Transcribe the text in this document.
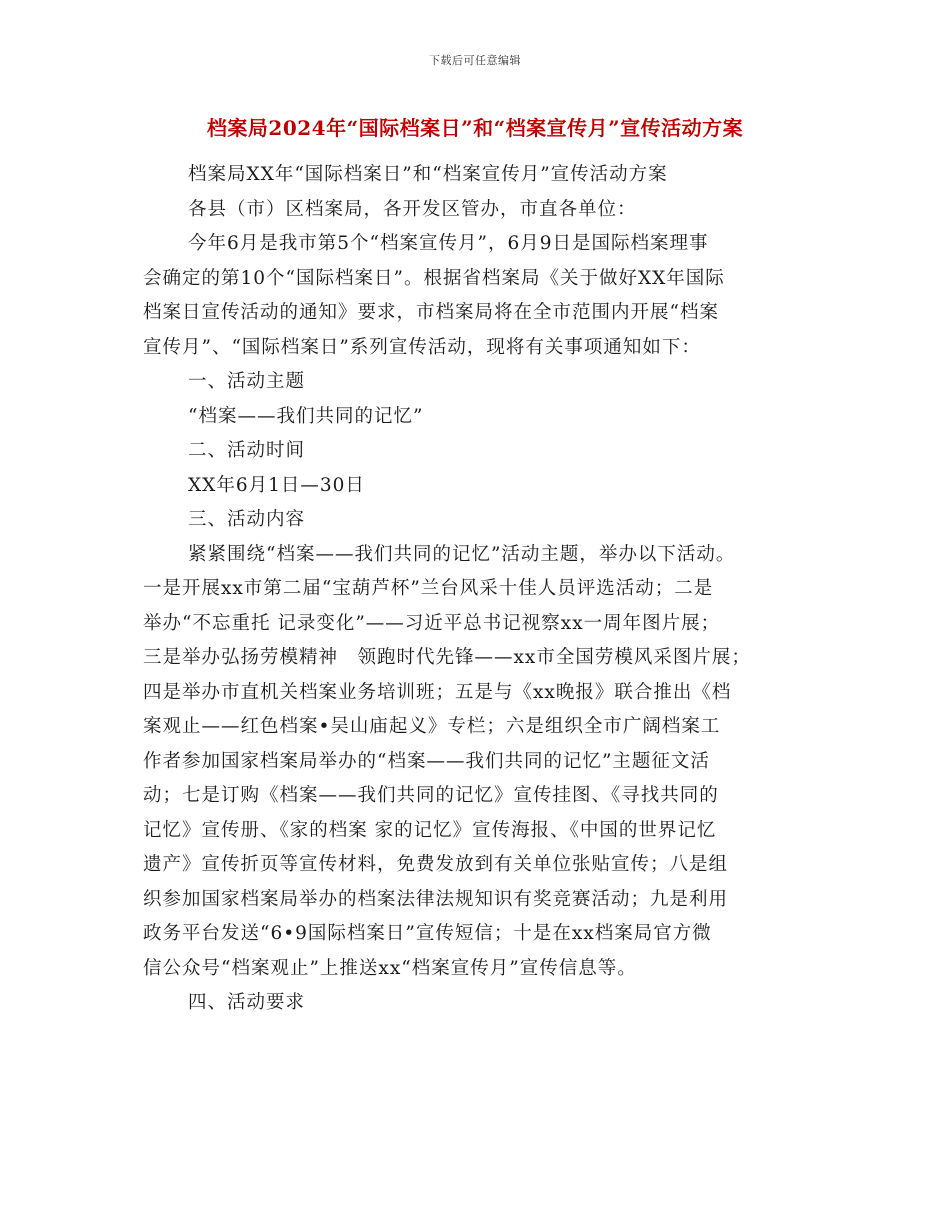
下载后可任意编辑
档案局2024年“国际档案日”和“档案宣传月”宣传活动方案

档案局XX年“国际档案日”和“档案宣传月”宣传活动方案

各县（市）区档案局，各开发区管办，市直各单位：

今年6月是我市第5个“档案宣传月”，6月9日是国际档案理事
会确定的第10个“国际档案日”。根据省档案局《关于做好XX年国际
档案日宣传活动的通知》要求，市档案局将在全市范围内开展“档案
宣传月”、“国际档案日”系列宣传活动，现将有关事项通知如下：

一、活动主题

“档案——我们共同的记忆”

二、活动时间

XX年6月1日—30日

三、活动内容

紧紧围绕“档案——我们共同的记忆”活动主题，举办以下活动。
一是开展xx市第二届“宝葫芦杯”兰台风采十佳人员评选活动；二是
举办“不忘重托 记录变化”——习近平总书记视察xx一周年图片展；
三是举办弘扬劳模精神　领跑时代先锋——xx市全国劳模风采图片展；
四是举办市直机关档案业务培训班；五是与《xx晚报》联合推出《档
案观止——红色档案•吴山庙起义》专栏；六是组织全市广阔档案工
作者参加国家档案局举办的“档案——我们共同的记忆”主题征文活
动；七是订购《档案——我们共同的记忆》宣传挂图、《寻找共同的
记忆》宣传册、《家的档案 家的记忆》宣传海报、《中国的世界记忆
遗产》宣传折页等宣传材料，免费发放到有关单位张贴宣传；八是组
织参加国家档案局举办的档案法律法规知识有奖竞赛活动；九是利用
政务平台发送“6•9国际档案日”宣传短信；十是在xx档案局官方微
信公众号“档案观止”上推送xx“档案宣传月”宣传信息等。

四、活动要求
